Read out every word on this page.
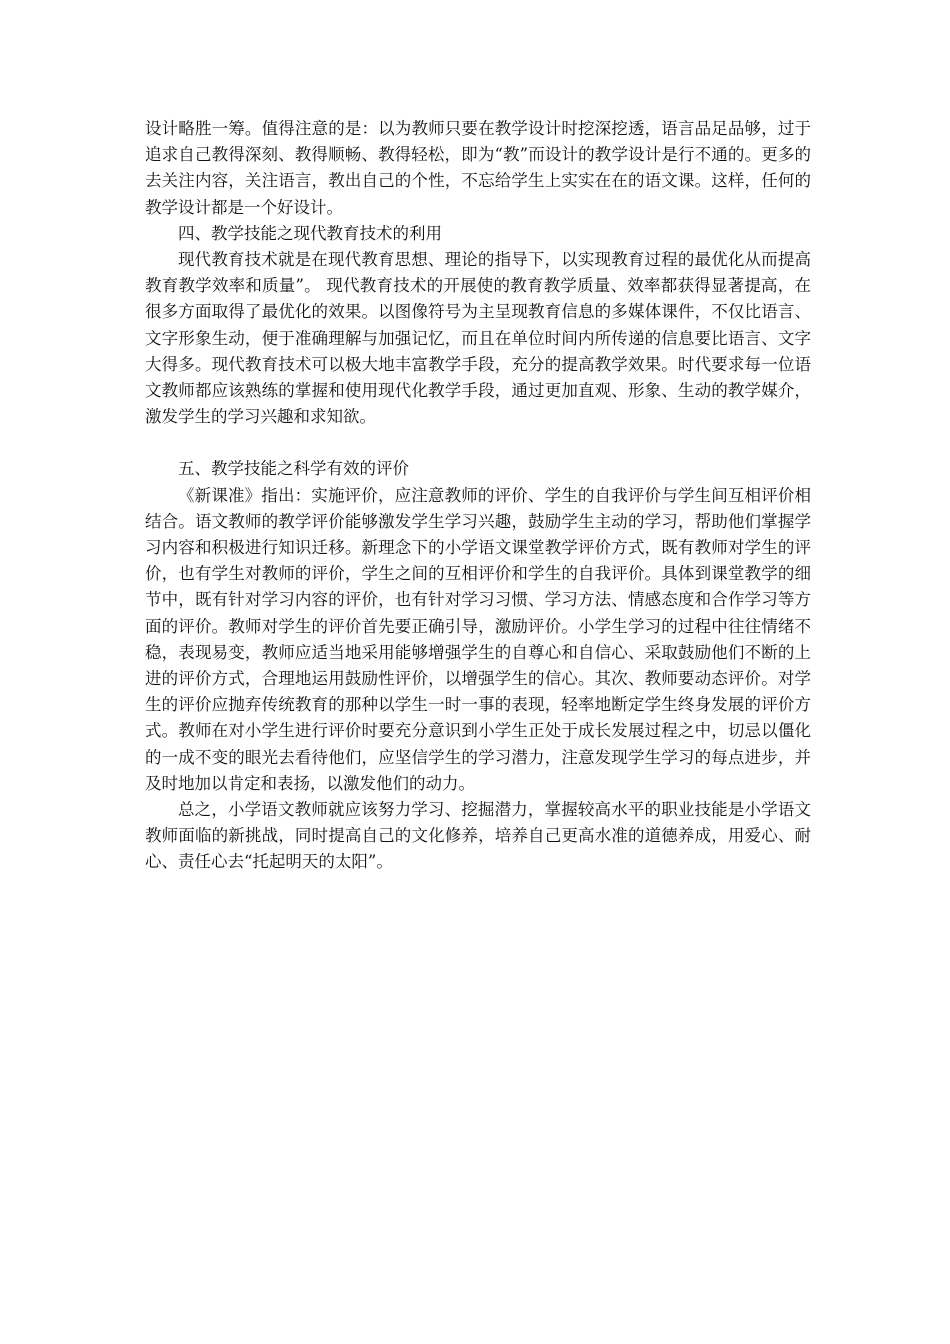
设计略胜一筹。值得注意的是：以为教师只要在教学设计时挖深挖透，语言品足品够，过于追求自己教得深刻、教得顺畅、教得轻松，即为“教”而设计的教学设计是行不通的。更多的去关注内容，关注语言，教出自己的个性，不忘给学生上实实在在的语文课。这样，任何的教学设计都是一个好设计。

四、教学技能之现代教育技术的利用

现代教育技术就是在现代教育思想、理论的指导下，以实现教育过程的最优化从而提高教育教学效率和质量”。 现代教育技术的开展使的教育教学质量、效率都获得显著提高，在很多方面取得了最优化的效果。以图像符号为主呈现教育信息的多媒体课件，不仅比语言、文字形象生动，便于准确理解与加强记忆，而且在单位时间内所传递的信息要比语言、文字大得多。现代教育技术可以极大地丰富教学手段，充分的提高教学效果。时代要求每一位语文教师都应该熟练的掌握和使用现代化教学手段，通过更加直观、形象、生动的教学媒介，激发学生的学习兴趣和求知欲。

五、教学技能之科学有效的评价

《新课准》指出：实施评价，应注意教师的评价、学生的自我评价与学生间互相评价相结合。语文教师的教学评价能够激发学生学习兴趣，鼓励学生主动的学习，帮助他们掌握学习内容和积极进行知识迁移。新理念下的小学语文课堂教学评价方式，既有教师对学生的评价，也有学生对教师的评价，学生之间的互相评价和学生的自我评价。具体到课堂教学的细节中，既有针对学习内容的评价，也有针对学习习惯、学习方法、情感态度和合作学习等方面的评价。教师对学生的评价首先要正确引导，激励评价。小学生学习的过程中往往情绪不稳，表现易变，教师应适当地采用能够增强学生的自尊心和自信心、采取鼓励他们不断的上进的评价方式，合理地运用鼓励性评价，以增强学生的信心。其次、教师要动态评价。对学生的评价应抛弃传统教育的那种以学生一时一事的表现，轻率地断定学生终身发展的评价方式。教师在对小学生进行评价时要充分意识到小学生正处于成长发展过程之中，切忌以僵化的一成不变的眼光去看待他们，应坚信学生的学习潜力，注意发现学生学习的每点进步，并及时地加以肯定和表扬，以激发他们的动力。

总之，小学语文教师就应该努力学习、挖掘潜力，掌握较高水平的职业技能是小学语文教师面临的新挑战，同时提高自己的文化修养，培养自己更高水准的道德养成，用爱心、耐心、责任心去“托起明天的太阳”。
